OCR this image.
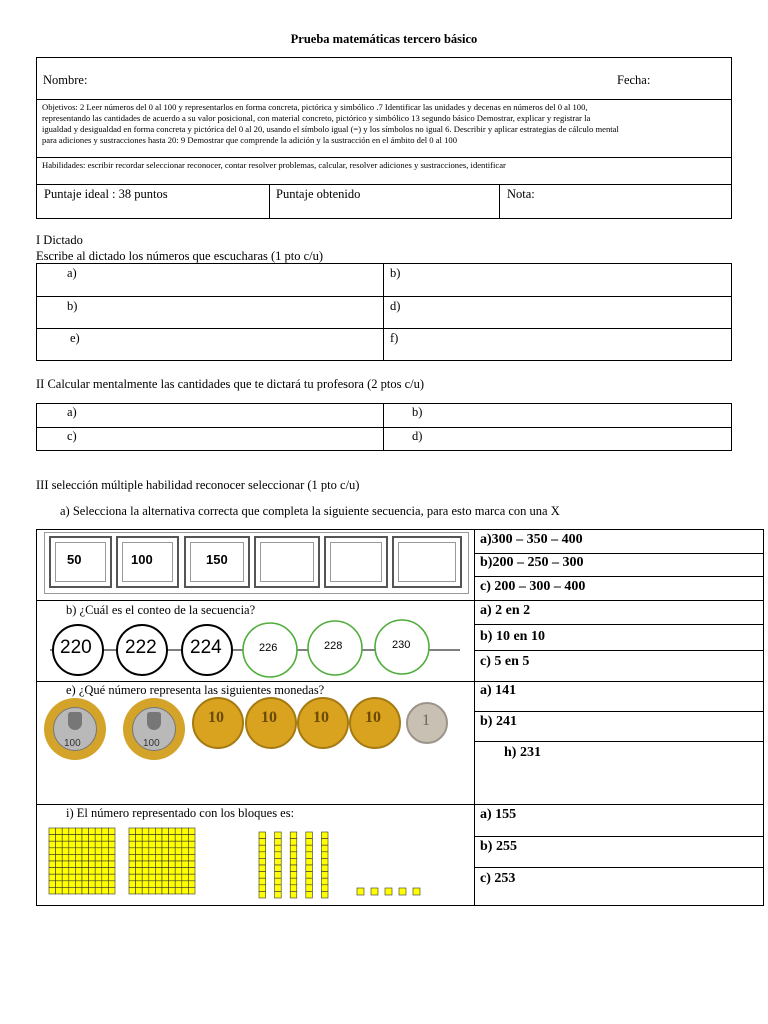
Prueba matemáticas tercero básico
Nombre:	Fecha:
Objetivos: 2 Leer números del 0 al 100 y representarlos en forma concreta, pictórica y simbólico .7 Identificar las unidades y decenas en números del 0 al 100,
representando las cantidades de acuerdo a su valor posicional, con material concreto, pictórico y simbólico 13 segundo básico Demostrar, explicar y registrar la
igualdad y desigualdad en forma concreta y pictórica del 0 al 20, usando el símbolo igual (=) y los símbolos no igual 6. Describir y aplicar estrategias de cálculo mental
para adiciones y sustracciones hasta 20: 9 Demostrar que comprende la adición y la sustracción en el ámbito del 0 al 100
Habilidades: escribir recordar seleccionar reconocer, contar resolver problemas, calcular, resolver adiciones y sustracciones, identificar
Puntaje ideal : 38 puntos	Puntaje obtenido	Nota:
I Dictado
Escribe al dictado los números que escucharas (1 pto c/u)
a)	b)
b)	d)
e)	f)
II Calcular mentalmente las cantidades que te dictará tu profesora (2 ptos c/u)
a)	b)
c)	d)
III selección múltiple habilidad reconocer seleccionar (1 pto c/u)
a) Selecciona la alternativa correcta que completa la siguiente secuencia, para esto marca con una X
50	100	150
a)300 – 350 – 400
b)200 – 250 – 300
c) 200 – 300 – 400
b) ¿Cuál es el conteo de la secuencia?
220 222 224	226	228	230
a) 2 en 2
b) 10 en 10
c) 5 en 5
e) ¿Qué número representa las siguientes monedas?
100	100
10 10 10 10	1
a) 141
b) 241
h) 231
i) El número representado con los bloques es:	a) 155
b) 255
c) 253
